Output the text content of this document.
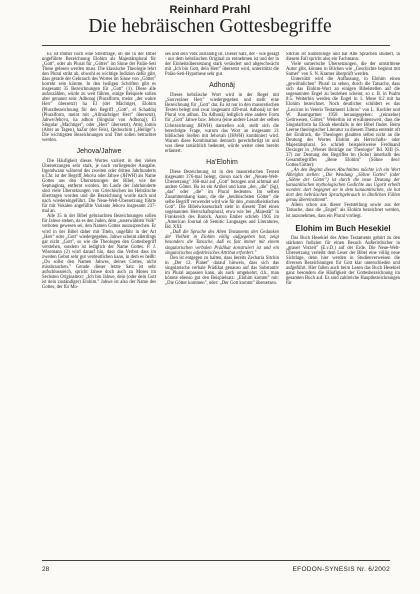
Reinhard Prahl
Die hebräischen Gottesbegriffe

Es ist immer noch eine Streitfrage, ob die in der Bibel ungeführte Bezeichnung Elohim als Majestätsplural für „Gott", oder als Plural für „Götter" im Sinne der Paläo-Seti These gelesen werden muss. Die klassische Theologie lehrt den Plural strikt ab, obwohl es wichtige Indizien dafür gibt, dass gerade der Gebrauch des Wortes im Sinne von „Götter" korrekt sein könnte. In den heiligen Schriften gibt es insgesamt 35 Bezeichnungen für „Gott" (1). Diese alle aufzuzählen, würde zu weit führen, einige Beispiele sollen aber genannt sein: Adhonaj (Pluralform, meint „der wahre Herr" übersetzt) ha El (der Mächtige), Elohim (Pluralbezeichnung für den Begriff „Gott", el Schaddaj (Pluralform, meint mit „Allmächtiger Herr" übersetzt), Jahwe/Jehova, ha adhon (Singular von Adhonaj), El Singular „Mächtiger", oder „Herr" übersetzt), Attiq Jomin (Alter an Tagen), haZur (der Fels), Qedoschim („Heilige"). Die wichtigsten Bezeichnungen und Titel sollen betrachtet werden.

Jehova/Jahwe

Die Häufigkeit dieses Wortes variiert in den vielen Übersetzungen sehr stark, je nach vorliegender Ausgabe. Irgendwann während des zweiten oder dritten Jahrhunderts n.Chr. ist der Begriff Jehova oder Jahwe (JHWH) als Name Gottes aus den Übersetzungen der Bibel, wie der Septuaginta, entfernt worden. Im Laufe der Jahrhunderte sind viele Übersetzungen von Griechischen ins Hebräische übertragen worden und die Bezeichnung wurde nach und nach wiedereingeführt. Die Neue-Welt-Übersetzung führte für mit Vokalen angefüllte Variante Jehova insgesamt 237-mal an.

Alle 35 in der Bibel gebrauchten Bezeichnungen sollen für Jahwe stehen, da es den Juden, dem „auserwählten Volk" verboten gewesen sei, den Namen Gottes auszusprechen. Er wird in der Bibel daher mit Titeln, ungefähr in der Art „Herr" oder „Gott" wiedergegeben. Jahwe scheint allerdings gar nicht „Gott", so wie die Theologen den Gottesbegriff verstehen, sondern ist lediglich der Name Gottes. P. J. Wisemann (2) wird darauf hin, dass das Verbot dass im zweiten Gebot sehr gut verdeutlichen kann, in dem es heißt: „Du sollst den Namen Jahwes, deines Gottes, nicht missbrauchen." Gerade dieser letzte Satz ist sehr aufschlussreich, spricht Jahwe doch auch zu Moses im Sechsten Originaltext: „Ich bin Jahwe, dein (oder dein Gott ist dein zuständiger) Elohim." Jahwe ist also der Name des Gottes, der für Mo-

ses und sein Volk zuständig ist. Dieser Satz, der - wie gesagt - nur dem hebräischen Original zu entnehmen ist und der in der Einheitsübersetzung stark verändert und abgeschwächt mit „Ich bin Gott, dein Herr" übersetzt wird, unterstützt die Paläo-Seti-Hypothese sehr gut.

Adhonāj

Dieses hebräische Wort wird in der Regel mit „Souveräner Herr" wiedergegeben und stellt eine Bezeichnung für „Gott" dar. Es ist nur in den masoretischen Texten belegt und zwar insgesamt 439-mal. Adhonāj ist der Plural von adhon. Da Adhonāj lediglich eine andere Form für „Gott" Jahwe bzw. Jehova (eine andere Lesart der selben Urbezeichnung JHWH) darstellen soll, stellt sich die berechtigte Frage, warum das Wort an insgesamt 21 biblischen Stellen mit Jehovah (JHWH) kombiniert wird. Warum diese Kombination dennoch gerechtfertigt ist und was diese tatsächlich bedeutet, würde weiter oben bereits erläutert.

Ha'Elohim

Diese Bezeichnung ist in den masoretischen Texten insgesamt 376-mal belegt, davon nach der „Neuen-Welt-Übersetzung" 368-mal auf „Gott" bezogen und achtmal auf andere Götter. Ha ist ein Artikel und kann „der, „die" (Sg), „das" oder „die" im Plural bedeuten. Im selben Zusammenhang kann, die die „heidnischsten Götter" die selbe Begriff verwendet wird wie für den „monotheistischen Gott". Die Bibelwissenschaft sieht in diesem Titel einen sogenannten Herrschaftsplural, etwa wie bei „Majestät" in Frankreich des Barock. Aaron Ember schrieb 1905 im „American Journal ob Semitic Languages and Literatures, Bd. XXI:

„Daß die Sprache des Alten Testaments den Gedanken der Vielheit in Elohim völlig aufgegeben hat, zeigt besonders die Tatsache, daß es fast immer mit einem singularischen verbalen Prädikat konstruiert ist und ein singularisches adjektivisches Attribut erfordert."

Den ist entgegen zu halten, dass bereits Zecharia Sitchin in „Der 12. Planet" darauf hinweis, dass sich das singularische verbale Prädikat genauso auf das Substantiv im Plural anpassen kann, als auch umgekehrt, d.h., man könnte ebenso gut den Beispielsatz: „Elohim kommt" mit: „Die Götter kommen", oder: „Der Gott kommt" übersetzen.

Sitchin ist Sumerologe und hat Alte Sprachen studiert, in diesem Fall spricht also ein Fachmann.

Viele sumerische Übersetzungen, die der umstrittene Autor gibt, können in Bilchen wie „Geschichte beginnt mit Sumer" von S. N. Kramer überprüft werden.

Untersützt wird die Auffassung, in Elohim einen „gewöhnlichen" Plural zu sehen, durch die Tatsache, dass sich das Elohim-Wort an einigen Bibelstellen auf die sogenannten Engel zu beziehen scheint, so z. B. in Psalm 8:5. Weiterhin werden die Engel in 1. Mose 6:2 mit ha Elohim bezeichnet. Noch deutlicher schildert es das „Lexicon in Veteris Testamenti Libros" von L. Kochler und W. Baumgartner 1958 herausgegeben: „(einzelne) Getirwesen, Götter." Weiterhin ist erwähnenswert, dass die Singularform ha Eloah ebenfalls in der Bibel findet. Beim Leerne theologischer Literatur zu diesem Thema entsteht oft der Eindruck, die Theologen glaubten selbst nicht an die Deutung des Wortes Elohim als Herrschafts- oder Majestätsplural. So schrieb beispielsweise Ferdinand Dexinger in „Wiener Beiträge zur Theologie" Bd. XIII (S. 37) zur Deutung des Begriffes bn (Sohn) innerhalb des Gesamtbegriffes „Bene Elohim" (Söhne des/r Gottes/Götter):

„An den Beginn dieses Abschnittes möchte ich ein Wort Albrights stellen: „Die Wendung „Söhne Gottes" (oder „Söhne der Götter") ist durch die neue Deutung der kanaanitischen mythologischen Gedichte aus Ugarit erhellt worden: dort begegnet sie in dem kanaanitischen, sie hat dort den hebräischen Sprachgebrauch in ähnlichen Fällen genau übereinstimmt".

Allein schon aus dieser Feststellung sowie aus der Tatsache, dass die „Engel" als Elohim bezeichnet werden, ist anzunehmen, dass ein Plural vorliegt.

Elohim im Buch Hesekiel

Das Buch Hesekiel des Alten Testaments gehört zu den stärksten Indizien für einen Besuch Außerirdischer in „grauer Vorzeit" (E.v.D.) auf der Erde. Die Neue-Welt-Übersetzung verleiht dem Leser der Bibel eine völlig neue Sichtlage, denn hier werden in Studienverweisen die diversen Bezeichnungen für Gott klar unterschieden und aufgeführt. Hier fallen auch beim Lesen das Buch Hesekiel ganz besonders die Häufigkeit der Gottesbezeichnung im gesamten Buch auf. Es sind zahlreiche Hauptbezeichnungen für

28	EFODON-SYNESIS Nr. 6/2002
